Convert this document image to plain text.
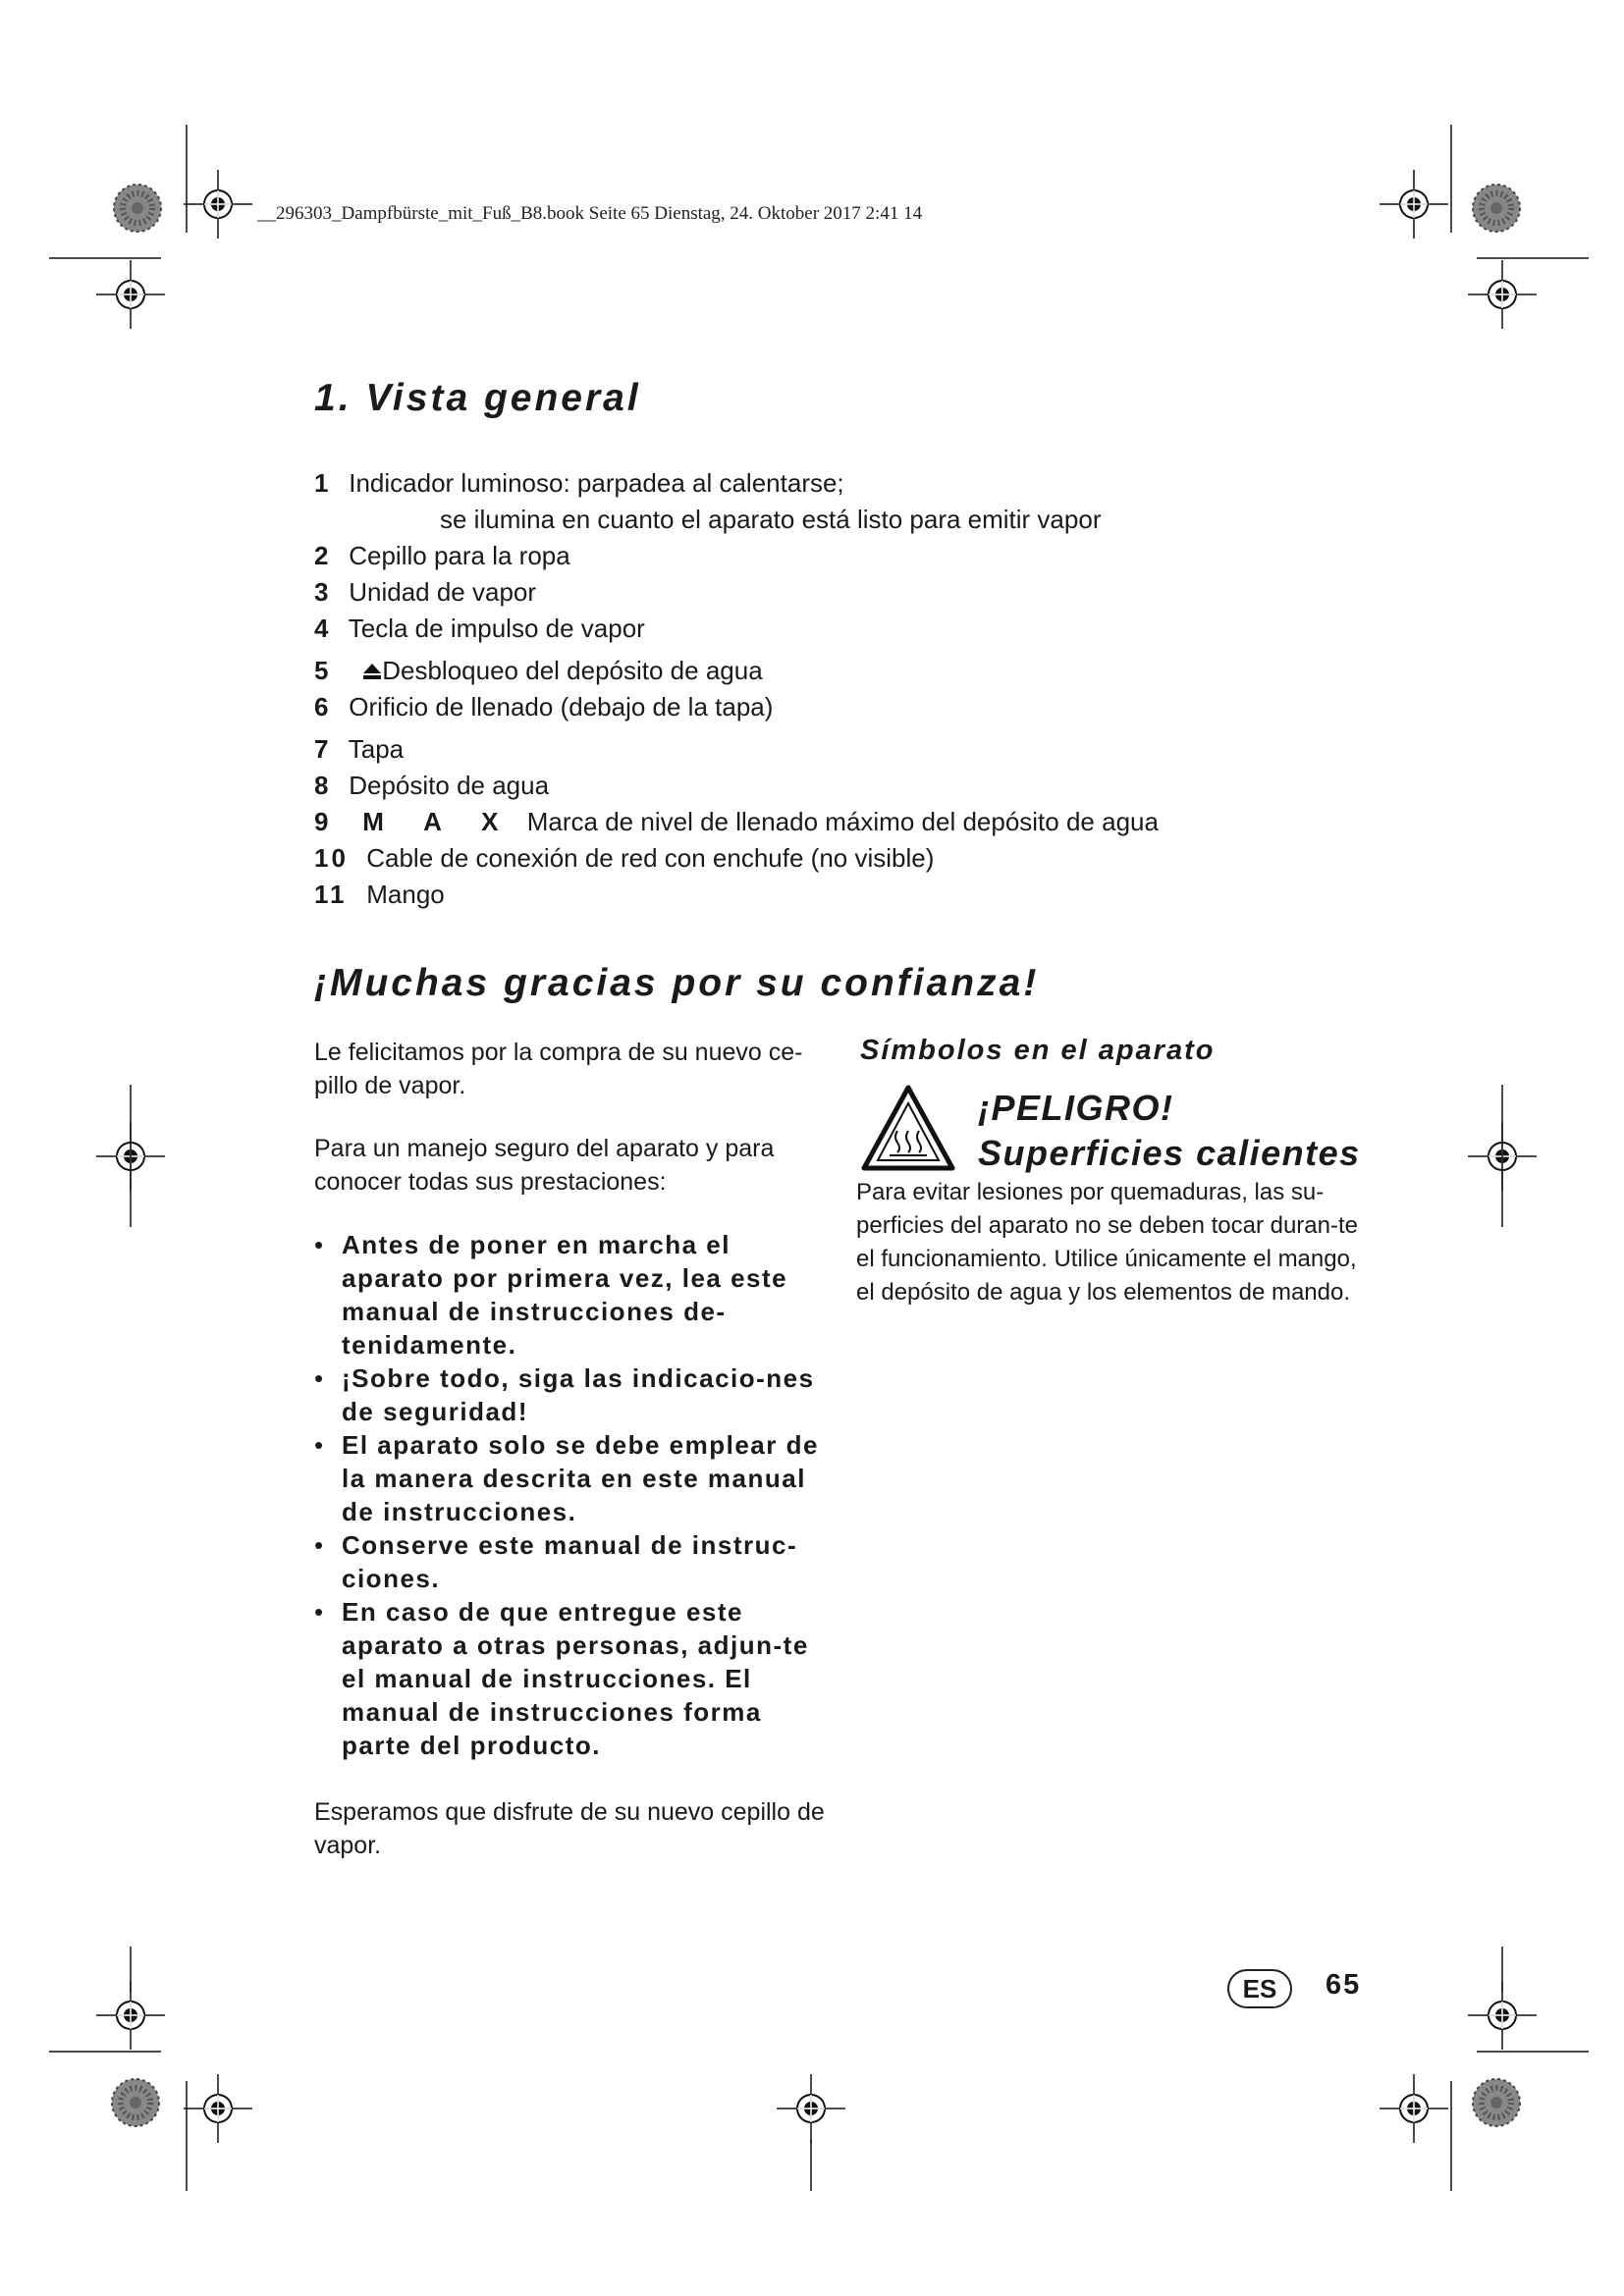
__296303_Dampfbürste_mit_Fuß_B8.book Seite 65 Dienstag, 24. Oktober 2017 2:41 14
1. Vista general
1 Indicador luminoso: parpadea al calentarse;
se ilumina en cuanto el aparato está listo para emitir vapor
2 Cepillo para la ropa
3 Unidad de vapor
4 Tecla de impulso de vapor
5 Desbloqueo del depósito de agua
6 Orificio de llenado (debajo de la tapa)
7 Tapa
8 Depósito de agua
9 M A X Marca de nivel de llenado máximo del depósito de agua
10 Cable de conexión de red con enchufe (no visible)
11 Mango
¡Muchas gracias por su confianza!

Le felicitamos por la compra de su nuevo ce-pillo de vapor.

Para un manejo seguro del aparato y para conocer todas sus prestaciones:

• Antes de poner en marcha el aparato por primera vez, lea este manual de instrucciones de-tenidamente.
• ¡Sobre todo, siga las indicacio-nes de seguridad!
• El aparato solo se debe emplear de la manera descrita en este manual de instrucciones.
• Conserve este manual de instruc-ciones.
• En caso de que entregue este aparato a otras personas, adjun-te el manual de instrucciones. El manual de instrucciones forma parte del producto.

Esperamos que disfrute de su nuevo cepillo de vapor.

Símbolos en el aparato
¡PELIGRO!
Superficies calientes
Para evitar lesiones por quemaduras, las su-perficies del aparato no se deben tocar duran-te el funcionamiento. Utilice únicamente el mango, el depósito de agua y los elementos de mando.
ES	65
